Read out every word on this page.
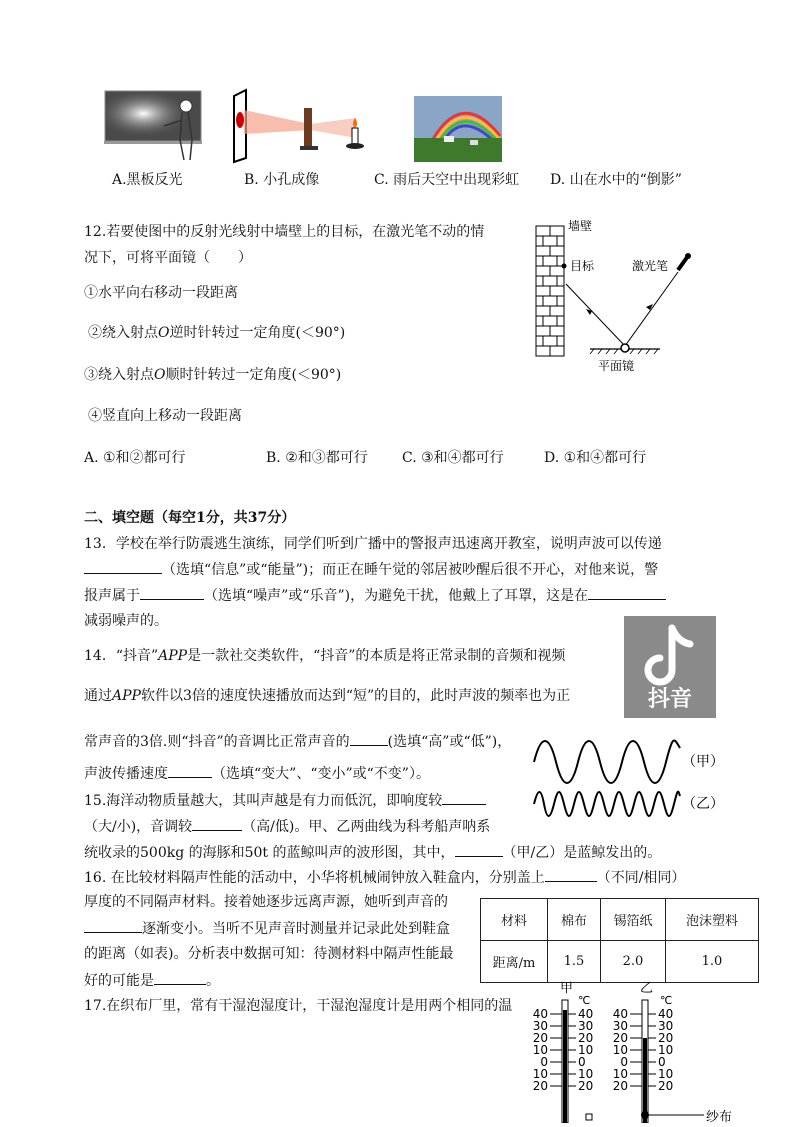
A.黑板反光	B. 小孔成像	C. 雨后天空中出现彩虹 D. 山在水中的“倒影”
12.若要使图中的反射光线射中墙壁上的目标，在激光笔不动的情
况下，可将平面镜（　　）
①水平向右移动一段距离
②绕入射点O逆时针转过一定角度(＜90°)
③绕入射点O顺时针转过一定角度(＜90°)
④竖直向上移动一段距离
A. ①和②都可行	B. ②和③都可行 C. ③和④都可行	D. ①和④都可行
墙壁
目标	激光笔
平面镜
二、填空题（每空1分，共37分）
13．学校在举行防震逃生演练，同学们听到广播中的警报声迅速离开教室，说明声波可以传递
（选填“信息”或“能量”)；而正在睡午觉的邻居被吵醒后很不开心，对他来说，警
报声属于	（选填“噪声”或“乐音”)，为避免干扰，他戴上了耳罩，这是在
减弱噪声的。
14．“抖音”APP是一款社交类软件，“抖音”的本质是将正常录制的音频和视频
通过APP软件以3倍的速度快速播放而达到“短”的目的，此时声波的频率也为正
常声音的3倍.则“抖音”的音调比正常声音的	(选填“高”或“低”)，
声波传播速度	（选填“变大”、“变小”或“不变”）。
抖音
（甲）
（乙）
15.海洋动物质量越大，其叫声越是有力而低沉，即响度较
（大/小)，音调较	（高/低)。甲、乙两曲线为科考船声呐系
统收录的500kg 的海豚和50t 的蓝鲸叫声的波形图，其中，	（甲/乙）是蓝鲸发出的。
16. 在比较材料隔声性能的活动中，小华将机械闹钟放入鞋盒内，分别盖上	（不同/相同）
厚度的不同隔声材料。接着她逐步远离声源，她听到声音的
逐渐变小。当听不见声音时测量并记录此处到鞋盒
的距离（如表)。分析表中数据可知：待测材料中隔声性能最
好的可能是	。
材料	棉布	锡箔纸	泡沫塑料
距离/m	1.5	2.0	1.0
17.在织布厂里，常有干湿泡湿度计，干湿泡湿度计是用两个相同的温
甲	乙
℃	℃
纱布
40
30
20
10
0
10
20
40
30
20
10
0
10
20
40
30
20
10
0
10
20
40
30
20
10
0
10
20
